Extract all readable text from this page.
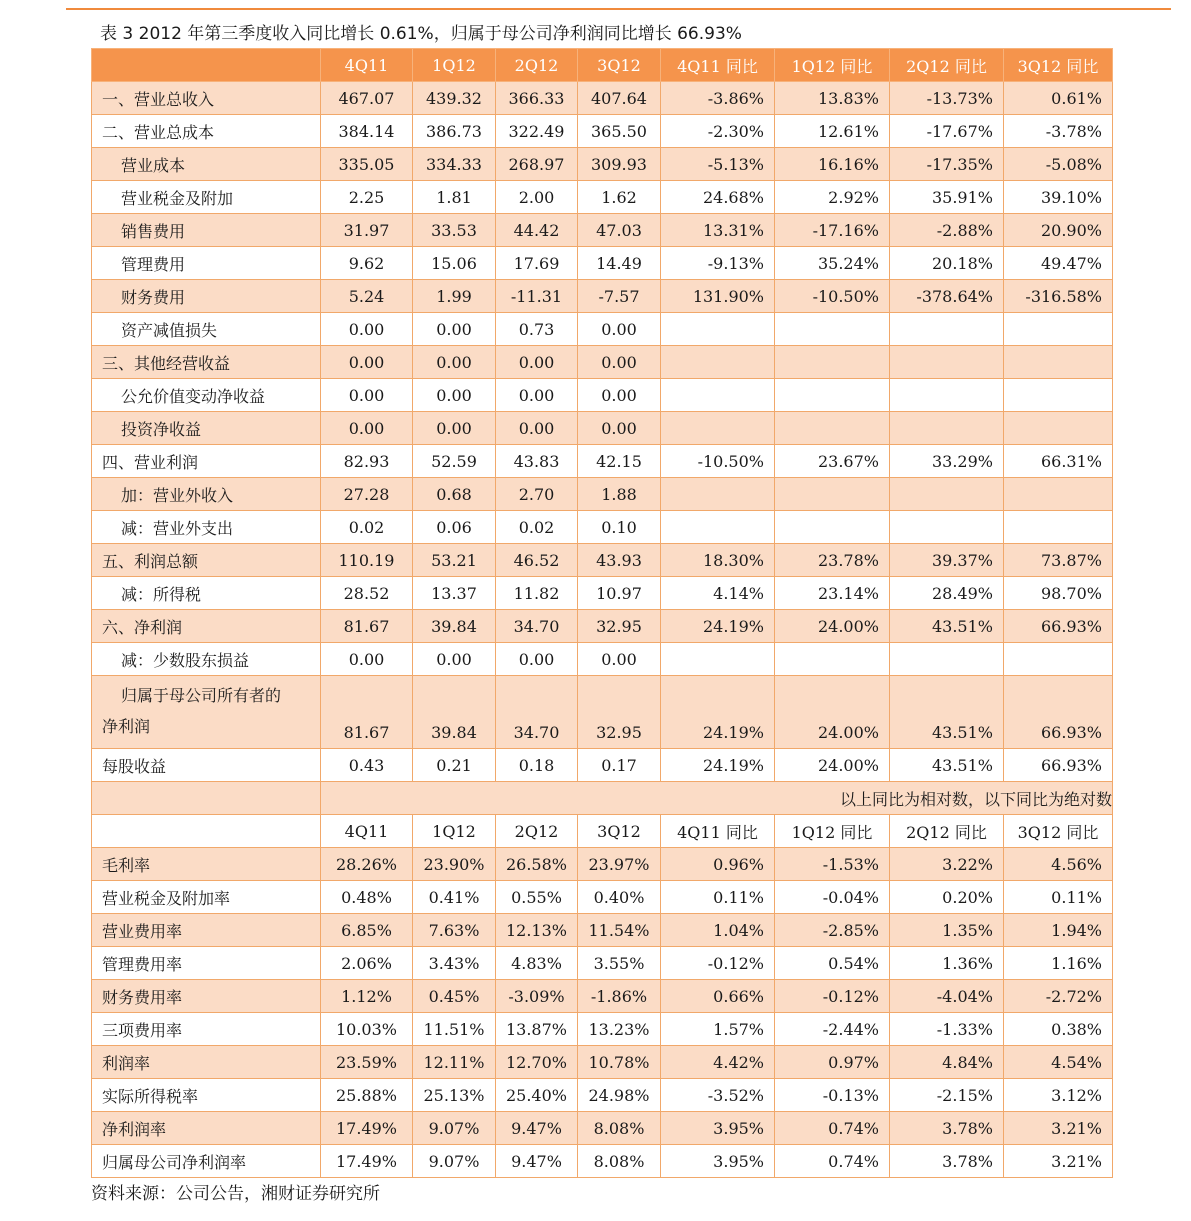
表 3 2012 年第三季度收入同比增长 0.61%，归属于母公司净利润同比增长 66.93%
	4Q11	1Q12	2Q12	3Q12	4Q11 同比	1Q12 同比	2Q12 同比	3Q12 同比
一、营业总收入	467.07	439.32	366.33	407.64	-3.86%	13.83%	-13.73%	0.61%
二、营业总成本	384.14	386.73	322.49	365.50	-2.30%	12.61%	-17.67%	-3.78%
营业成本	335.05	334.33	268.97	309.93	-5.13%	16.16%	-17.35%	-5.08%
营业税金及附加	2.25	1.81	2.00	1.62	24.68%	2.92%	35.91%	39.10%
销售费用	31.97	33.53	44.42	47.03	13.31%	-17.16%	-2.88%	20.90%
管理费用	9.62	15.06	17.69	14.49	-9.13%	35.24%	20.18%	49.47%
财务费用	5.24	1.99	-11.31	-7.57	131.90%	-10.50%	-378.64%	-316.58%
资产减值损失	0.00	0.00	0.73	0.00				
三、其他经营收益	0.00	0.00	0.00	0.00				
公允价值变动净收益	0.00	0.00	0.00	0.00				
投资净收益	0.00	0.00	0.00	0.00				
四、营业利润	82.93	52.59	43.83	42.15	-10.50%	23.67%	33.29%	66.31%
加：营业外收入	27.28	0.68	2.70	1.88				
减：营业外支出	0.02	0.06	0.02	0.10				
五、利润总额	110.19	53.21	46.52	43.93	18.30%	23.78%	39.37%	73.87%
减：所得税	28.52	13.37	11.82	10.97	4.14%	23.14%	28.49%	98.70%
六、净利润	81.67	39.84	34.70	32.95	24.19%	24.00%	43.51%	66.93%
减：少数股东损益	0.00	0.00	0.00	0.00				

归属于母公司所有者的
净利润	81.67	39.84	34.70	32.95	24.19%	24.00%	43.51%	66.93%
每股收益	0.43	0.21	0.18	0.17	24.19%	24.00%	43.51%	66.93%
	以上同比为相对数，以下同比为绝对数							
	4Q11	1Q12	2Q12	3Q12	4Q11 同比	1Q12 同比	2Q12 同比	3Q12 同比
毛利率	28.26%	23.90%	26.58%	23.97%	0.96%	-1.53%	3.22%	4.56%
营业税金及附加率	0.48%	0.41%	0.55%	0.40%	0.11%	-0.04%	0.20%	0.11%
营业费用率	6.85%	7.63%	12.13%	11.54%	1.04%	-2.85%	1.35%	1.94%
管理费用率	2.06%	3.43%	4.83%	3.55%	-0.12%	0.54%	1.36%	1.16%
财务费用率	1.12%	0.45%	-3.09%	-1.86%	0.66%	-0.12%	-4.04%	-2.72%
三项费用率	10.03%	11.51%	13.87%	13.23%	1.57%	-2.44%	-1.33%	0.38%
利润率	23.59%	12.11%	12.70%	10.78%	4.42%	0.97%	4.84%	4.54%
实际所得税率	25.88%	25.13%	25.40%	24.98%	-3.52%	-0.13%	-2.15%	3.12%
净利润率	17.49%	9.07%	9.47%	8.08%	3.95%	0.74%	3.78%	3.21%
归属母公司净利润率	17.49%	9.07%	9.47%	8.08%	3.95%	0.74%	3.78%	3.21%
资料来源：公司公告，湘财证券研究所
